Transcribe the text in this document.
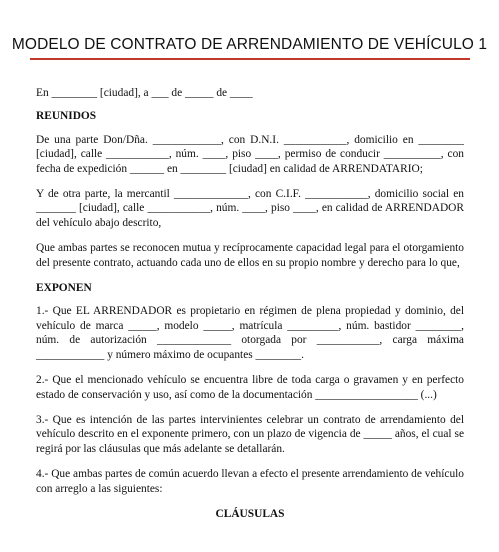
MODELO DE CONTRATO DE ARRENDAMIENTO DE VEHÍCULO 1

En ________ [ciudad], a ___ de _____ de ____

REUNIDOS

De una parte Don/Dña. ____________, con D.N.I. ___________, domicilio en ________ [ciudad], calle ___________, núm. ____, piso ____, permiso de conducir __________, con fecha de expedición ______ en ________ [ciudad] en calidad de ARRENDATARIO;

Y de otra parte, la mercantil _____________, con C.I.F. ___________, domicilio social en _______ [ciudad], calle ___________, núm. ____, piso ____, en calidad de ARRENDADOR del vehículo abajo descrito,

Que ambas partes se reconocen mutua y recíprocamente capacidad legal para el otorgamiento del presente contrato, actuando cada uno de ellos en su propio nombre y derecho para lo que,

EXPONEN

1.- Que EL ARRENDADOR es propietario en régimen de plena propiedad y dominio, del vehículo de marca _____, modelo _____, matrícula _________, núm. bastidor ________, núm. de autorización _____________ otorgada por ___________, carga máxima ____________ y número máximo de ocupantes ________.

2.- Que el mencionado vehículo se encuentra libre de toda carga o gravamen y en perfecto estado de conservación y uso, así como de la documentación __________________ (...)

3.- Que es intención de las partes intervinientes celebrar un contrato de arrendamiento del vehículo descrito en el exponente primero, con un plazo de vigencia de _____ años, el cual se regirá por las cláusulas que más adelante se detallarán.

4.- Que ambas partes de común acuerdo llevan a efecto el presente arrendamiento de vehículo con arreglo a las siguientes:

CLÁUSULAS
